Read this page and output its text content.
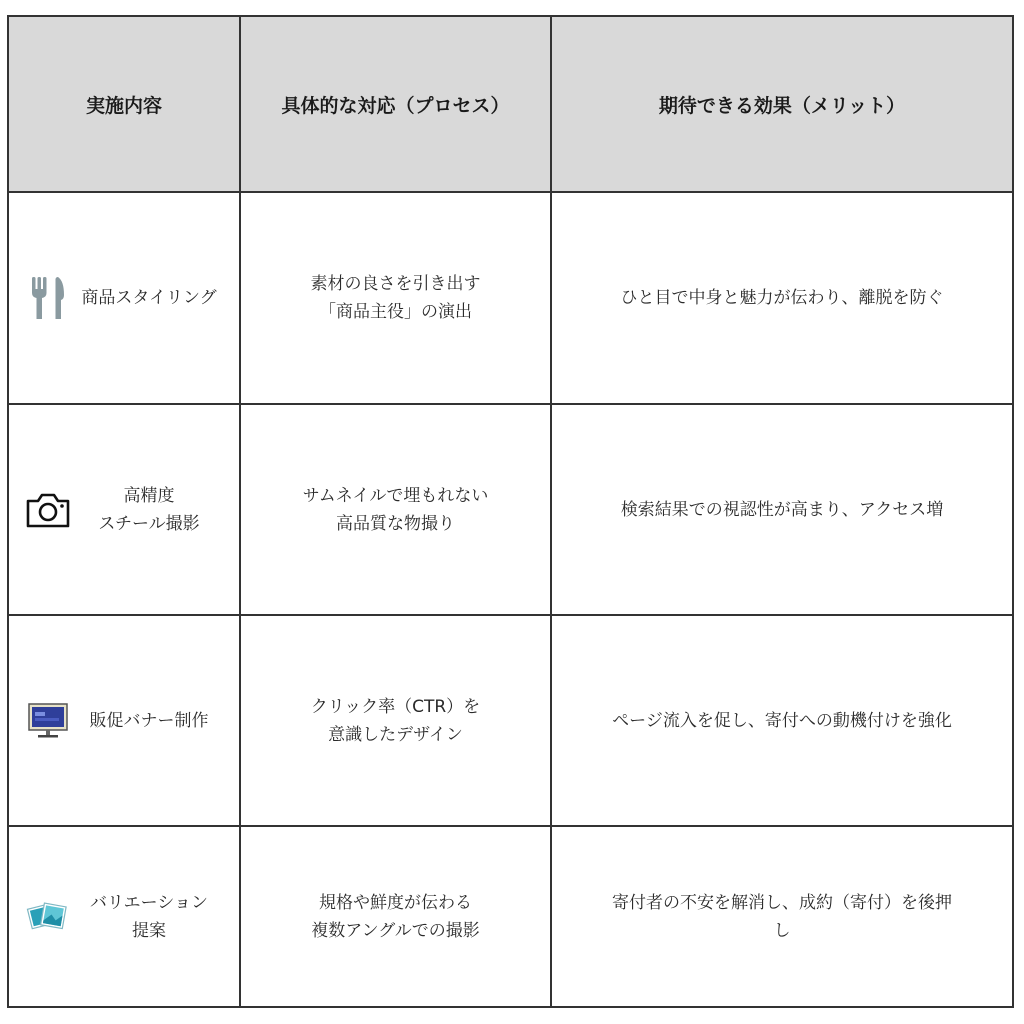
実施内容	具体的な対応（プロセス）	期待できる効果（メリット）
商品スタイリング
素材の良さを引き出す
「商品主役」の演出
ひと目で中身と魅力が伝わり、離脱を防ぐ
高精度
スチール撮影
サムネイルで埋もれない
高品質な物撮り
検索結果での視認性が高まり、アクセス増
販促バナー制作
クリック率（CTR）を
意識したデザイン
ページ流入を促し、寄付への動機付けを強化
バリエーション
提案
規格や鮮度が伝わる
複数アングルでの撮影
寄付者の不安を解消し、成約（寄付）を後押
し
